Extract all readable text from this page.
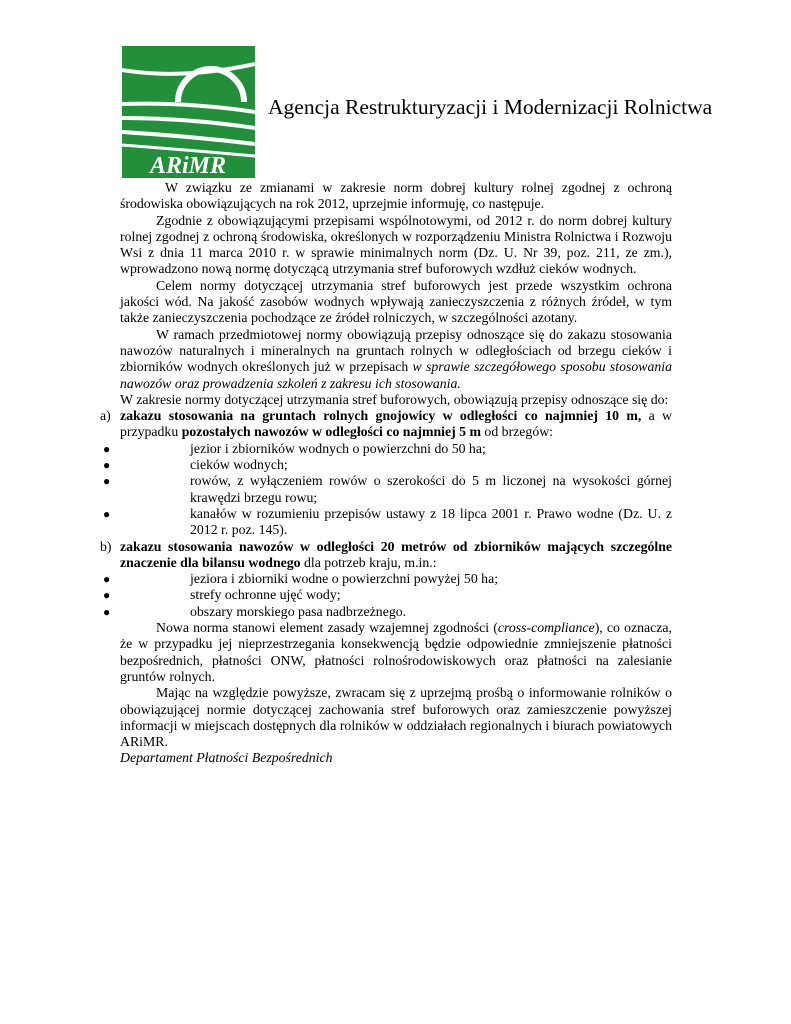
ARiMR
Agencja Restrukturyzacji i Modernizacji Rolnictwa

W związku ze zmianami w zakresie norm dobrej kultury rolnej zgodnej z ochroną środowiska obowiązujących na rok 2012, uprzejmie informuję, co następuje.

Zgodnie z obowiązującymi przepisami wspólnotowymi, od 2012 r. do norm dobrej kultury rolnej zgodnej z ochroną środowiska, określonych w rozporządzeniu Ministra Rolnictwa i Rozwoju Wsi z dnia 11 marca 2010 r. w sprawie minimalnych norm (Dz. U. Nr 39, poz. 211, ze zm.), wprowadzono nową normę dotyczącą utrzymania stref buforowych wzdłuż cieków wodnych.

Celem normy dotyczącej utrzymania stref buforowych jest przede wszystkim ochrona jakości wód. Na jakość zasobów wodnych wpływają zanieczyszczenia z różnych źródeł, w tym także zanieczyszczenia pochodzące ze źródeł rolniczych, w szczególności azotany.

W ramach przedmiotowej normy obowiązują przepisy odnoszące się do zakazu stosowania nawozów naturalnych i mineralnych na gruntach rolnych w odległościach od brzegu cieków i zbiorników wodnych określonych już w przepisach w sprawie szczegółowego sposobu stosowania nawozów oraz prowadzenia szkoleń z zakresu ich stosowania.

W zakresie normy dotyczącej utrzymania stref buforowych, obowiązują przepisy odnoszące się do:

a) zakazu stosowania na gruntach rolnych gnojowicy w odległości co najmniej 10 m, a w przypadku pozostałych nawozów w odległości co najmniej 5 m od brzegów:

●	jezior i zbiorników wodnych o powierzchni do 50 ha;
●	cieków wodnych;
●	rowów, z wyłączeniem rowów o szerokości do 5 m liczonej na wysokości górnej krawędzi brzegu rowu;
●	kanałów w rozumieniu przepisów ustawy z 18 lipca 2001 r. Prawo wodne (Dz. U. z 2012 r. poz. 145).
b) zakazu stosowania nawozów w odległości 20 metrów od zbiorników mających szczególne znaczenie dla bilansu wodnego dla potrzeb kraju, m.in.:

●	jeziora i zbiorniki wodne o powierzchni powyżej 50 ha;
●	strefy ochronne ujęć wody;
●	obszary morskiego pasa nadbrzeżnego.

Nowa norma stanowi element zasady wzajemnej zgodności (cross-compliance), co oznacza, że w przypadku jej nieprzestrzegania konsekwencją będzie odpowiednie zmniejszenie płatności bezpośrednich, płatności ONW, płatności rolnośrodowiskowych oraz płatności na zalesianie gruntów rolnych.

Mając na względzie powyższe, zwracam się z uprzejmą prośbą o informowanie rolników o obowiązującej normie dotyczącej zachowania stref buforowych oraz zamieszczenie powyższej informacji w miejscach dostępnych dla rolników w oddziałach regionalnych i biurach powiatowych ARiMR.

Departament Płatności Bezpośrednich
